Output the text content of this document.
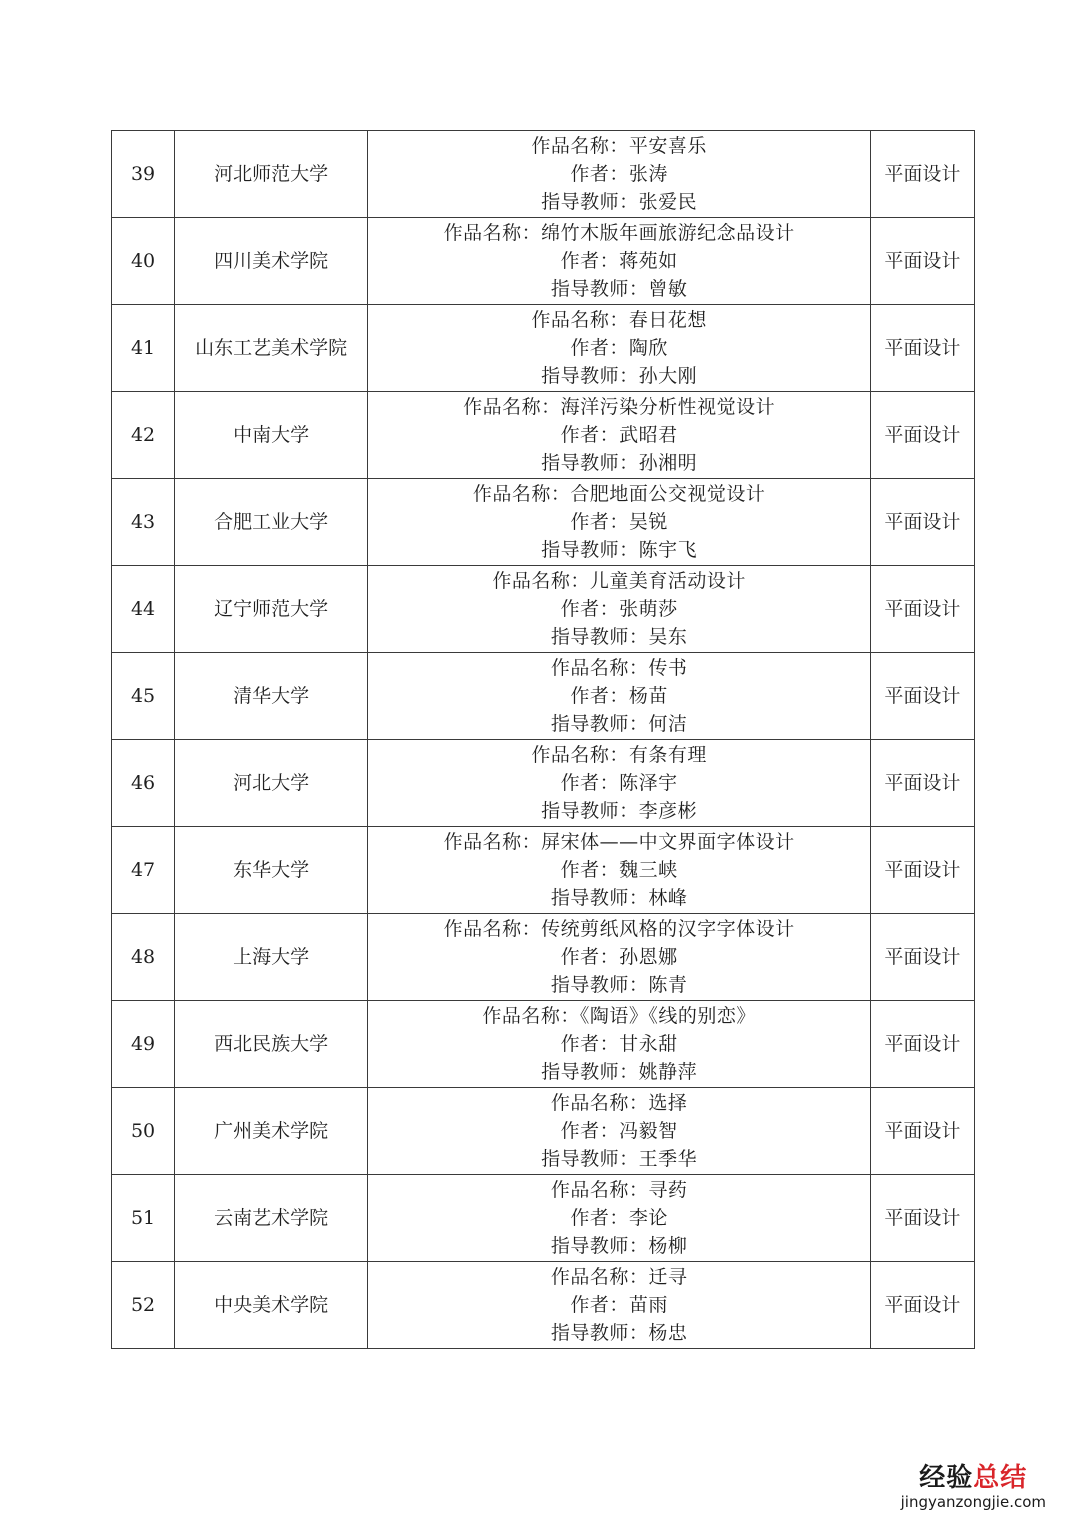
39	河北师范大学	作品名称：平安喜乐
作者：张涛
指导教师：张爱民	平面设计
40	四川美术学院	作品名称：绵竹木版年画旅游纪念品设计
作者：蒋苑如
指导教师：曾敏	平面设计
41	山东工艺美术学院	作品名称：春日花想
作者：陶欣
指导教师：孙大刚	平面设计
42	中南大学	作品名称：海洋污染分析性视觉设计
作者：武昭君
指导教师：孙湘明	平面设计
43	合肥工业大学	作品名称：合肥地面公交视觉设计
作者：吴锐
指导教师：陈宇飞	平面设计
44	辽宁师范大学	作品名称：儿童美育活动设计
作者：张萌莎
指导教师：吴东	平面设计
45	清华大学	作品名称：传书
作者：杨苗
指导教师：何洁	平面设计
46	河北大学	作品名称：有条有理
作者：陈泽宇
指导教师：李彦彬	平面设计
47	东华大学	作品名称：屏宋体——中文界面字体设计
作者：魏三峡
指导教师：林峰	平面设计
48	上海大学	作品名称：传统剪纸风格的汉字字体设计
作者：孙恩娜
指导教师：陈青	平面设计
49	西北民族大学	作品名称：《陶语》《线的别恋》
作者：甘永甜
指导教师：姚静萍	平面设计
50	广州美术学院	作品名称：选择
作者：冯毅智
指导教师：王季华	平面设计
51	云南艺术学院	作品名称：寻药
作者：李论
指导教师：杨柳	平面设计
52	中央美术学院	作品名称：迁寻
作者：苗雨
指导教师：杨忠	平面设计
经验总结
jingyanzongjie.com
